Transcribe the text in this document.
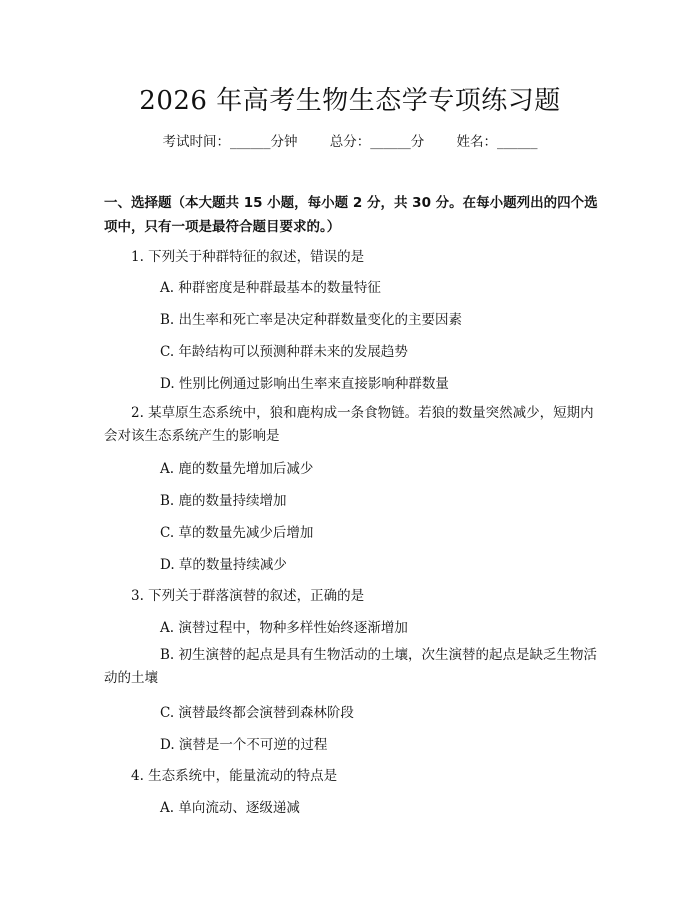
2026 年高考生物生态学专项练习题
考试时间：______分钟 总分：______分 姓名：______
一、选择题（本大题共 15 小题，每小题 2 分，共 30 分。在每小题列出的四个选项中，只有一项是最符合题目要求的。）
1. 下列关于种群特征的叙述，错误的是
A. 种群密度是种群最基本的数量特征
B. 出生率和死亡率是决定种群数量变化的主要因素
C. 年龄结构可以预测种群未来的发展趋势
D. 性别比例通过影响出生率来直接影响种群数量
2. 某草原生态系统中，狼和鹿构成一条食物链。若狼的数量突然减少，短期内会对该生态系统产生的影响是
A. 鹿的数量先增加后减少
B. 鹿的数量持续增加
C. 草的数量先减少后增加
D. 草的数量持续减少
3. 下列关于群落演替的叙述，正确的是
A. 演替过程中，物种多样性始终逐渐增加
B. 初生演替的起点是具有生物活动的土壤，次生演替的起点是缺乏生物活动的土壤
C. 演替最终都会演替到森林阶段
D. 演替是一个不可逆的过程
4. 生态系统中，能量流动的特点是
A. 单向流动、逐级递减
